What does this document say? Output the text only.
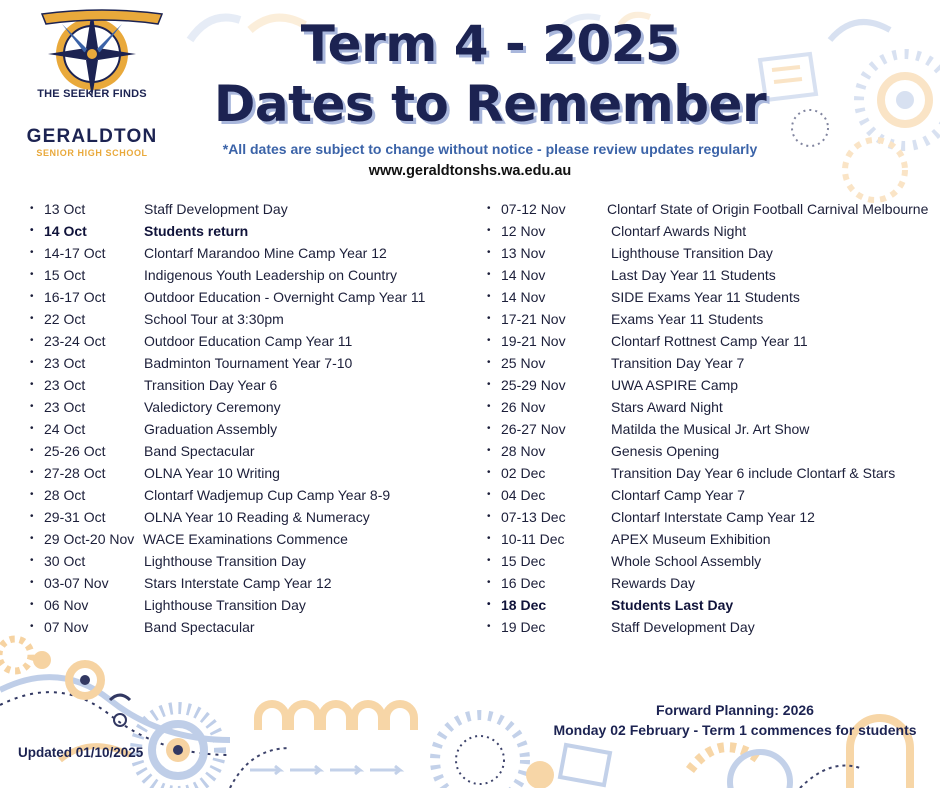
THE SEEKER FINDS
GERALDTON
SENIOR HIGH SCHOOL
Term 4 - 2025
Dates to Remember
*All dates are subject to change without notice - please review updates regularly
www.geraldtonshs.wa.edu.au
• 13 Oct	Staff Development Day
• 14 Oct	Students return
• 14-17 Oct	Clontarf Marandoo Mine Camp Year 12
• 15 Oct	Indigenous Youth Leadership on Country
• 16-17 Oct	Outdoor Education - Overnight Camp Year 11
• 22 Oct	School Tour at 3:30pm
• 23-24 Oct	Outdoor Education Camp Year 11
• 23 Oct	Badminton Tournament Year 7-10
• 23 Oct	Transition Day Year 6
• 23 Oct	Valedictory Ceremony
• 24 Oct	Graduation Assembly
• 25-26 Oct	Band Spectacular
• 27-28 Oct	OLNA Year 10 Writing
• 28 Oct	Clontarf Wadjemup Cup Camp Year 8-9
• 29-31 Oct	OLNA Year 10 Reading & Numeracy
• 29 Oct-20 Nov WACE Examinations Commence
• 30 Oct	Lighthouse Transition Day
• 03-07 Nov	Stars Interstate Camp Year 12
• 06 Nov	Lighthouse Transition Day
• 07 Nov	Band Spectacular
• 07-12 Nov	Clontarf State of Origin Football Carnival Melbourne
• 12 Nov	Clontarf Awards Night
• 13 Nov	Lighthouse Transition Day
• 14 Nov	Last Day Year 11 Students
• 14 Nov	SIDE Exams Year 11 Students
• 17-21 Nov	Exams Year 11 Students
• 19-21 Nov	Clontarf Rottnest Camp Year 11
• 25 Nov	Transition Day Year 7
• 25-29 Nov	UWA ASPIRE Camp
• 26 Nov	Stars Award Night
• 26-27 Nov	Matilda the Musical Jr. Art Show
• 28 Nov	Genesis Opening
• 02 Dec	Transition Day Year 6 include Clontarf & Stars
• 04 Dec	Clontarf Camp Year 7
• 07-13 Dec	Clontarf Interstate Camp Year 12
• 10-11 Dec	APEX Museum Exhibition
• 15 Dec	Whole School Assembly
• 16 Dec	Rewards Day
• 18 Dec	Students Last Day
• 19 Dec	Staff Development Day
Forward Planning: 2026
Monday 02 February - Term 1 commences for students
Updated 01/10/2025
